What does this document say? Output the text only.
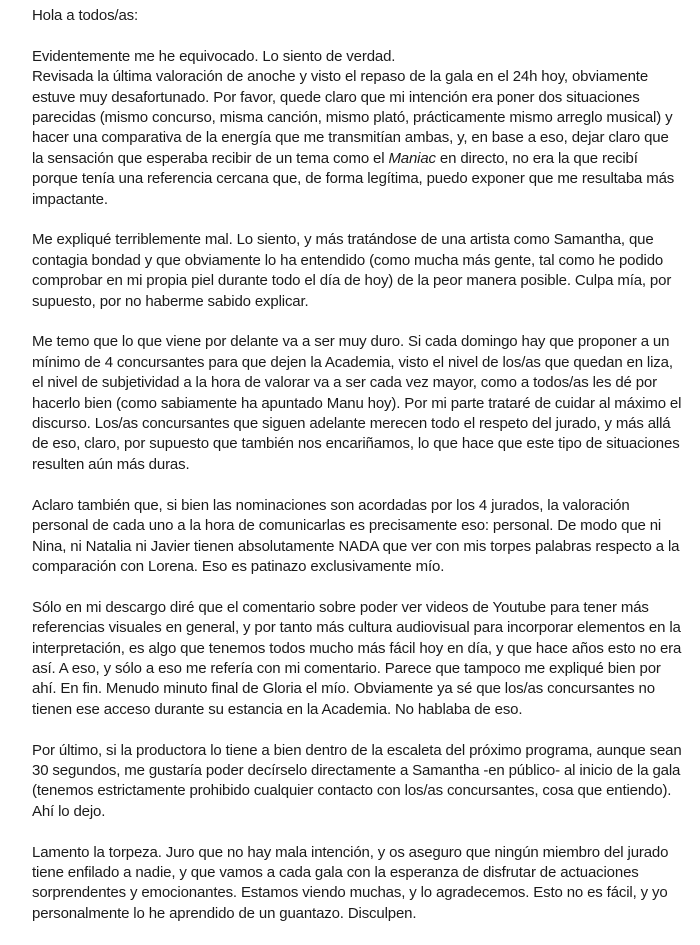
Hola a todos/as:

Evidentemente me he equivocado. Lo siento de verdad.

Revisada la última valoración de anoche y visto el repaso de la gala en el 24h hoy, obviamente estuve muy desafortunado. Por favor, quede claro que mi intención era poner dos situaciones parecidas (mismo concurso, misma canción, mismo plató, prácticamente mismo arreglo musical) y hacer una comparativa de la energía que me transmitían ambas, y, en base a eso, dejar claro que la sensación que esperaba recibir de un tema como el Maniac en directo, no era la que recibí porque tenía una referencia cercana que, de forma legítima, puedo exponer que me resultaba más impactante.

Me expliqué terriblemente mal. Lo siento, y más tratándose de una artista como Samantha, que contagia bondad y que obviamente lo ha entendido (como mucha más gente, tal como he podido comprobar en mi propia piel durante todo el día de hoy) de la peor manera posible. Culpa mía, por supuesto, por no haberme sabido explicar.

Me temo que lo que viene por delante va a ser muy duro. Si cada domingo hay que proponer a un mínimo de 4 concursantes para que dejen la Academia, visto el nivel de los/as que quedan en liza, el nivel de subjetividad a la hora de valorar va a ser cada vez mayor, como a todos/as les dé por hacerlo bien (como sabiamente ha apuntado Manu hoy). Por mi parte trataré de cuidar al máximo el discurso. Los/as concursantes que siguen adelante merecen todo el respeto del jurado, y más allá de eso, claro, por supuesto que también nos encariñamos, lo que hace que este tipo de situaciones resulten aún más duras.

Aclaro también que, si bien las nominaciones son acordadas por los 4 jurados, la valoración personal de cada uno a la hora de comunicarlas es precisamente eso: personal. De modo que ni Nina, ni Natalia ni Javier tienen absolutamente NADA que ver con mis torpes palabras respecto a la comparación con Lorena. Eso es patinazo exclusivamente mío.

Sólo en mi descargo diré que el comentario sobre poder ver videos de Youtube para tener más referencias visuales en general, y por tanto más cultura audiovisual para incorporar elementos en la interpretación, es algo que tenemos todos mucho más fácil hoy en día, y que hace años esto no era así. A eso, y sólo a eso me refería con mi comentario. Parece que tampoco me expliqué bien por ahí. En fin. Menudo minuto final de Gloria el mío. Obviamente ya sé que los/as concursantes no tienen ese acceso durante su estancia en la Academia. No hablaba de eso.

Por último, si la productora lo tiene a bien dentro de la escaleta del próximo programa, aunque sean 30 segundos, me gustaría poder decírselo directamente a Samantha -en público- al inicio de la gala (tenemos estrictamente prohibido cualquier contacto con los/as concursantes, cosa que entiendo). Ahí lo dejo.

Lamento la torpeza. Juro que no hay mala intención, y os aseguro que ningún miembro del jurado tiene enfilado a nadie, y que vamos a cada gala con la esperanza de disfrutar de actuaciones sorprendentes y emocionantes. Estamos viendo muchas, y lo agradecemos. Esto no es fácil, y yo personalmente lo he aprendido de un guantazo. Disculpen.
